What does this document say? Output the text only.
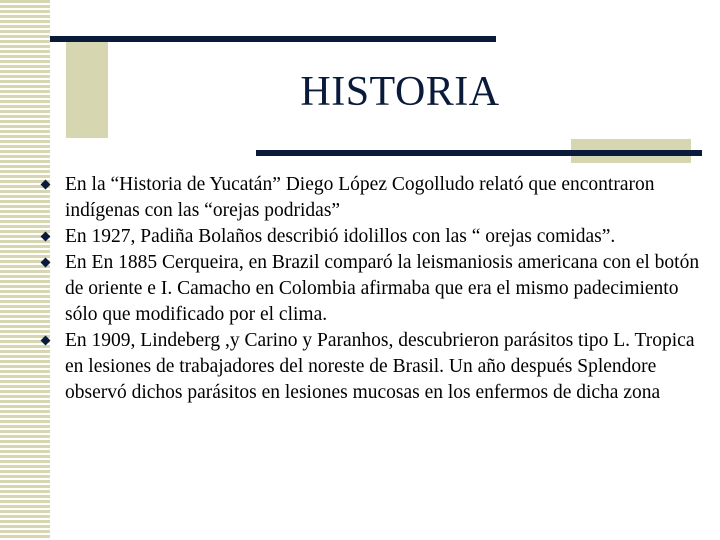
HISTORIA
En la “Historia de Yucatán” Diego López Cogolludo relató que encontraron indígenas con las “orejas podridas”
En 1927, Padiña Bolaños describió idolillos con las “ orejas comidas”.
En En 1885 Cerqueira, en Brazil comparó la leismaniosis americana con el botón de oriente e I. Camacho en Colombia afirmaba que era el mismo padecimiento sólo que modificado por el clima.
En 1909, Lindeberg ,y Carino y Paranhos, descubrieron parásitos tipo L. Tropica en lesiones de trabajadores del noreste de Brasil. Un año después Splendore observó dichos parásitos en lesiones mucosas en los enfermos de dicha zona
